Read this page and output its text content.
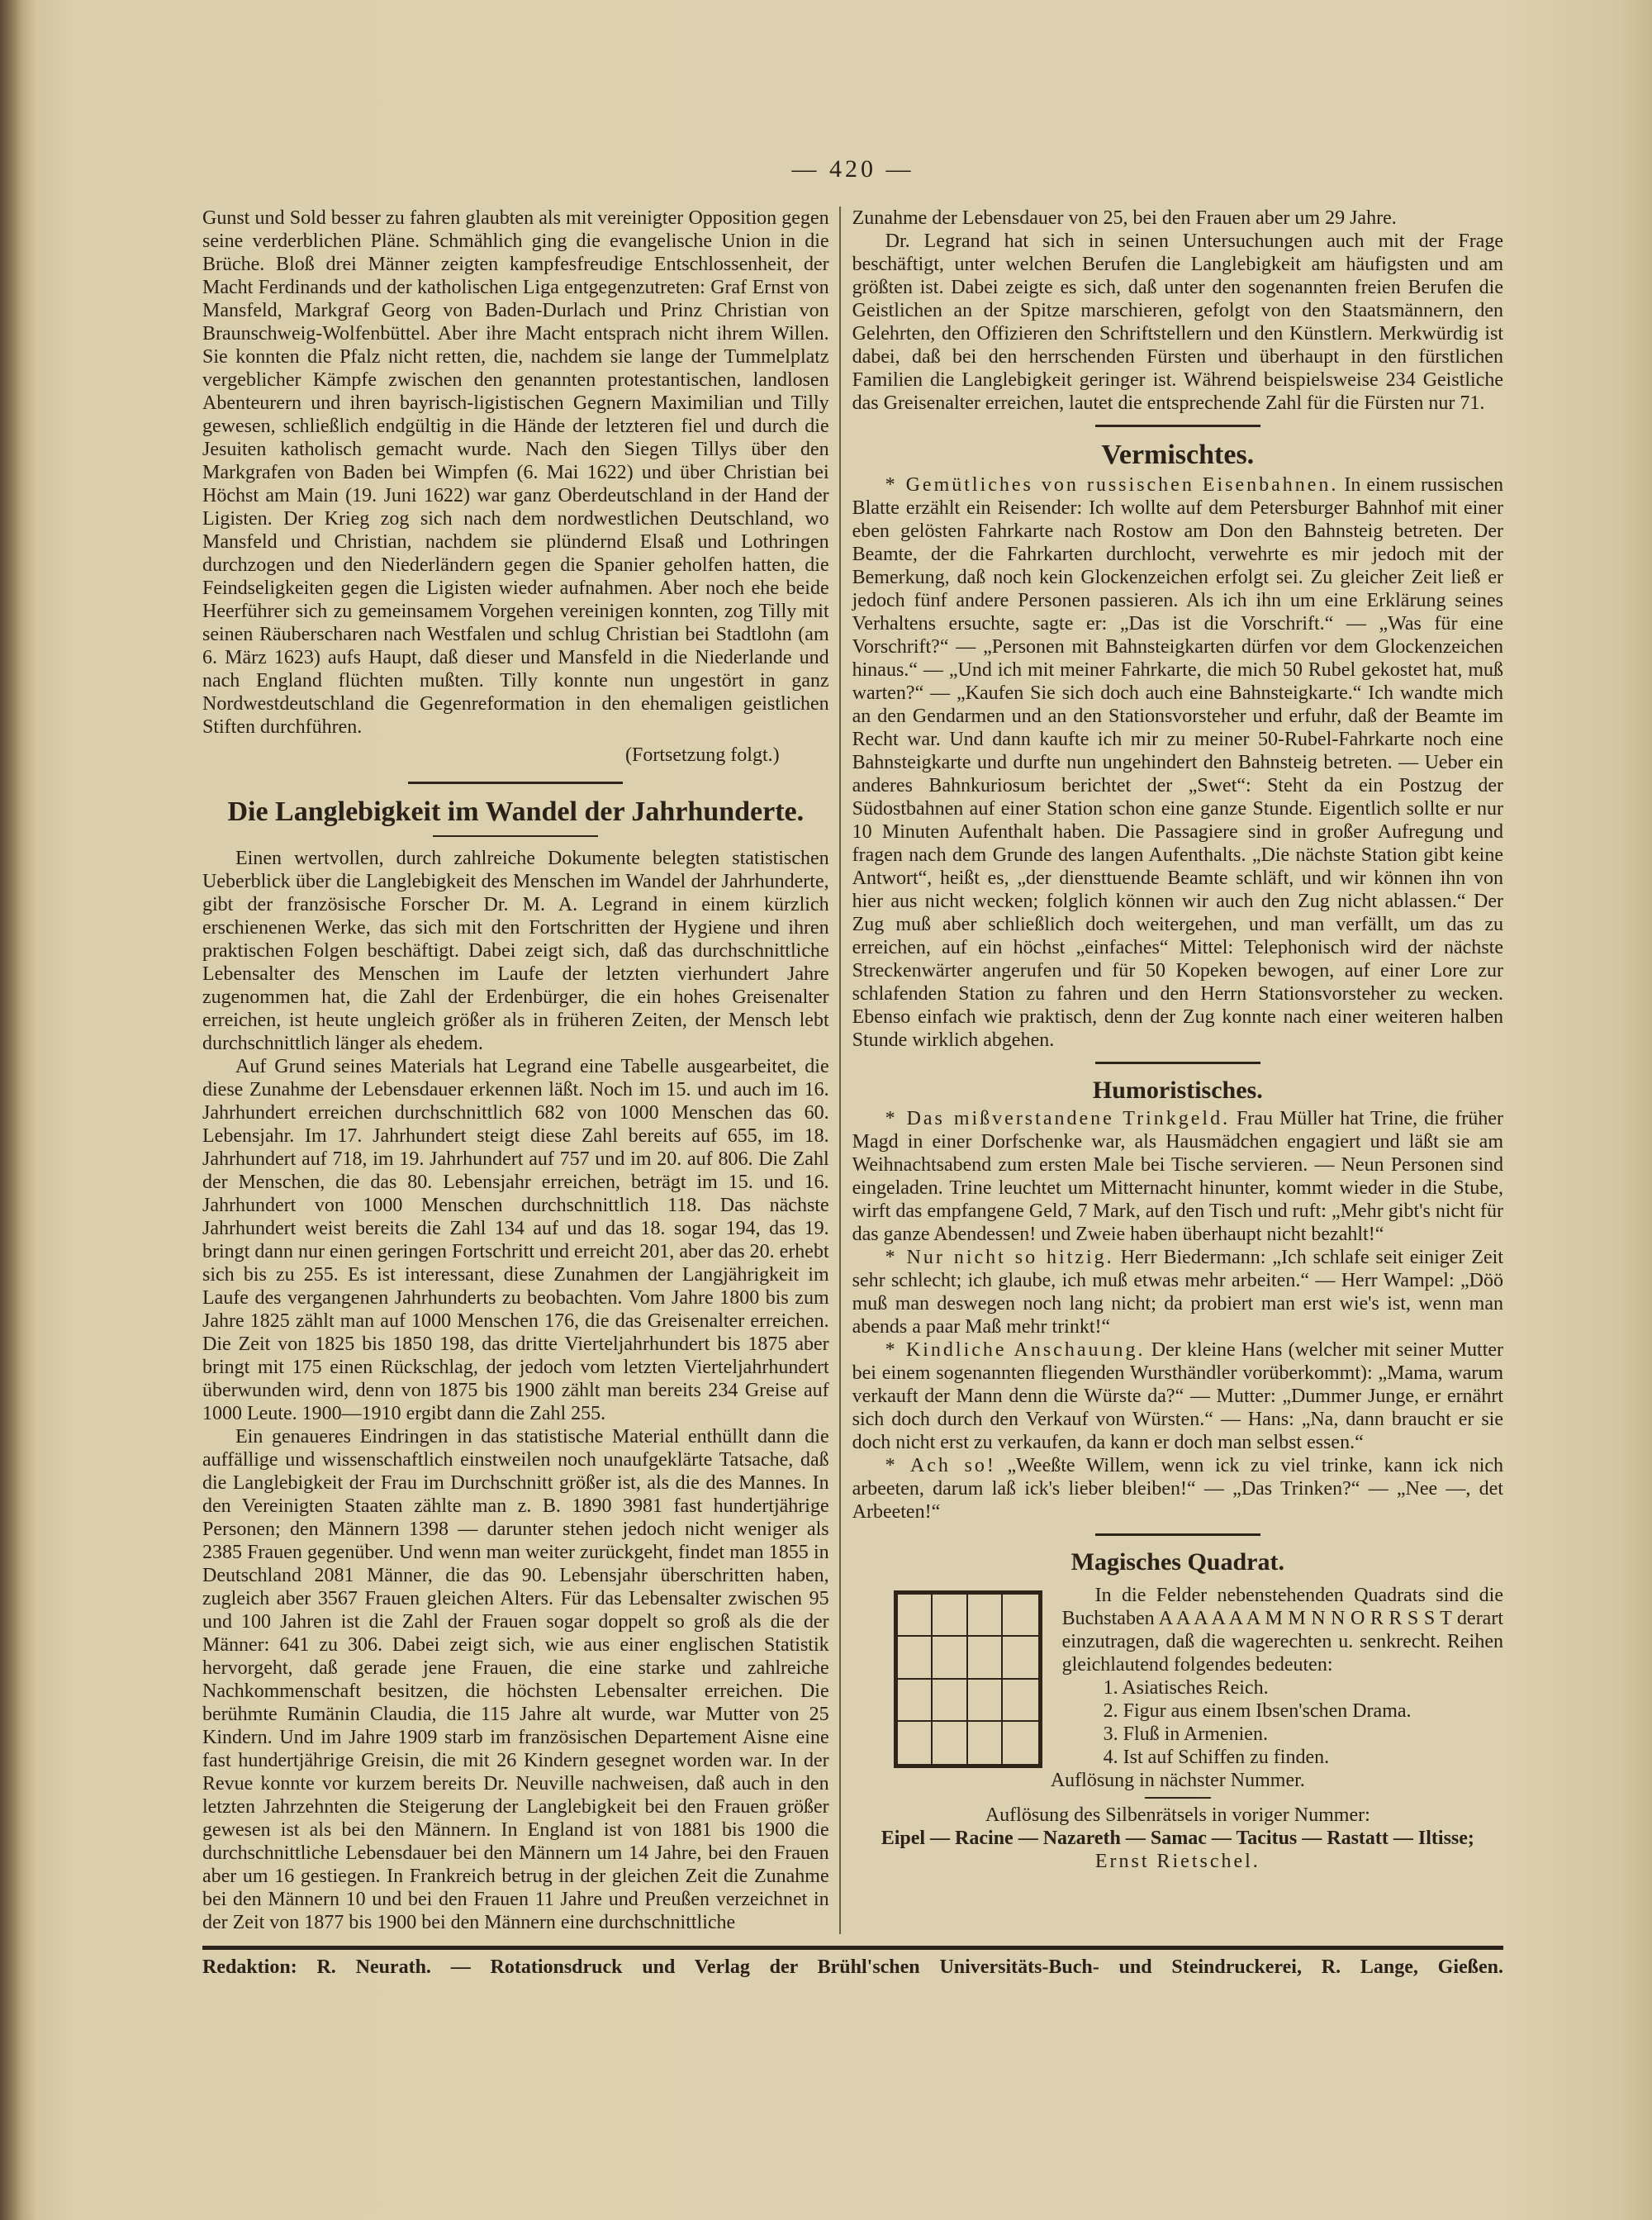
— 420 —

Gunst und Sold besser zu fahren glaubten als mit vereinigter Opposition gegen seine verderblichen Pläne. Schmählich ging die evangelische Union in die Brüche. Bloß drei Männer zeigten kampfesfreudige Entschlossenheit, der Macht Ferdinands und der katholischen Liga entgegenzutreten: Graf Ernst von Mansfeld, Markgraf Georg von Baden-Durlach und Prinz Christian von Braunschweig-Wolfenbüttel. Aber ihre Macht entsprach nicht ihrem Willen. Sie konnten die Pfalz nicht retten, die, nachdem sie lange der Tummelplatz vergeblicher Kämpfe zwischen den genannten protestantischen, landlosen Abenteurern und ihren bayrisch-ligistischen Gegnern Maximilian und Tilly gewesen, schließlich endgültig in die Hände der letzteren fiel und durch die Jesuiten katholisch gemacht wurde. Nach den Siegen Tillys über den Markgrafen von Baden bei Wimpfen (6. Mai 1622) und über Christian bei Höchst am Main (19. Juni 1622) war ganz Oberdeutschland in der Hand der Ligisten. Der Krieg zog sich nach dem nordwestlichen Deutschland, wo Mansfeld und Christian, nachdem sie plündernd Elsaß und Lothringen durchzogen und den Niederländern gegen die Spanier geholfen hatten, die Feindseligkeiten gegen die Ligisten wieder aufnahmen. Aber noch ehe beide Heerführer sich zu gemeinsamem Vorgehen vereinigen konnten, zog Tilly mit seinen Räuberscharen nach Westfalen und schlug Christian bei Stadtlohn (am 6. März 1623) aufs Haupt, daß dieser und Mansfeld in die Niederlande und nach England flüchten mußten. Tilly konnte nun ungestört in ganz Nordwestdeutschland die Gegenreformation in den ehemaligen geistlichen Stiften durchführen.

(Fortsetzung folgt.)

Die Langlebigkeit im Wandel der Jahrhunderte.

Einen wertvollen, durch zahlreiche Dokumente belegten statistischen Ueberblick über die Langlebigkeit des Menschen im Wandel der Jahrhunderte, gibt der französische Forscher Dr. M. A. Legrand in einem kürzlich erschienenen Werke, das sich mit den Fortschritten der Hygiene und ihren praktischen Folgen beschäftigt. Dabei zeigt sich, daß das durchschnittliche Lebensalter des Menschen im Laufe der letzten vierhundert Jahre zugenommen hat, die Zahl der Erdenbürger, die ein hohes Greisenalter erreichen, ist heute ungleich größer als in früheren Zeiten, der Mensch lebt durchschnittlich länger als ehedem.

Auf Grund seines Materials hat Legrand eine Tabelle ausgearbeitet, die diese Zunahme der Lebensdauer erkennen läßt. Noch im 15. und auch im 16. Jahrhundert erreichen durchschnittlich 682 von 1000 Menschen das 60. Lebensjahr. Im 17. Jahrhundert steigt diese Zahl bereits auf 655, im 18. Jahrhundert auf 718, im 19. Jahrhundert auf 757 und im 20. auf 806. Die Zahl der Menschen, die das 80. Lebensjahr erreichen, beträgt im 15. und 16. Jahrhundert von 1000 Menschen durchschnittlich 118. Das nächste Jahrhundert weist bereits die Zahl 134 auf und das 18. sogar 194, das 19. bringt dann nur einen geringen Fortschritt und erreicht 201, aber das 20. erhebt sich bis zu 255. Es ist interessant, diese Zunahmen der Langjährigkeit im Laufe des vergangenen Jahrhunderts zu beobachten. Vom Jahre 1800 bis zum Jahre 1825 zählt man auf 1000 Menschen 176, die das Greisenalter erreichen. Die Zeit von 1825 bis 1850 198, das dritte Vierteljahrhundert bis 1875 aber bringt mit 175 einen Rückschlag, der jedoch vom letzten Vierteljahrhundert überwunden wird, denn von 1875 bis 1900 zählt man bereits 234 Greise auf 1000 Leute. 1900—1910 ergibt dann die Zahl 255.

Ein genaueres Eindringen in das statistische Material enthüllt dann die auffällige und wissenschaftlich einstweilen noch unaufgeklärte Tatsache, daß die Langlebigkeit der Frau im Durchschnitt größer ist, als die des Mannes. In den Vereinigten Staaten zählte man z. B. 1890 3981 fast hundertjährige Personen; den Männern 1398 — darunter stehen jedoch nicht weniger als 2385 Frauen gegenüber. Und wenn man weiter zurückgeht, findet man 1855 in Deutschland 2081 Männer, die das 90. Lebensjahr überschritten haben, zugleich aber 3567 Frauen gleichen Alters. Für das Lebensalter zwischen 95 und 100 Jahren ist die Zahl der Frauen sogar doppelt so groß als die der Männer: 641 zu 306. Dabei zeigt sich, wie aus einer englischen Statistik hervorgeht, daß gerade jene Frauen, die eine starke und zahlreiche Nachkommenschaft besitzen, die höchsten Lebensalter erreichen. Die berühmte Rumänin Claudia, die 115 Jahre alt wurde, war Mutter von 25 Kindern. Und im Jahre 1909 starb im französischen Departement Aisne eine fast hundertjährige Greisin, die mit 26 Kindern gesegnet worden war. In der Revue konnte vor kurzem bereits Dr. Neuville nachweisen, daß auch in den letzten Jahrzehnten die Steigerung der Langlebigkeit bei den Frauen größer gewesen ist als bei den Männern. In England ist von 1881 bis 1900 die durchschnittliche Lebensdauer bei den Männern um 14 Jahre, bei den Frauen aber um 16 gestiegen. In Frankreich betrug in der gleichen Zeit die Zunahme bei den Männern 10 und bei den Frauen 11 Jahre und Preußen verzeichnet in der Zeit von 1877 bis 1900 bei den Männern eine durchschnittliche

Zunahme der Lebensdauer von 25, bei den Frauen aber um 29 Jahre.

Dr. Legrand hat sich in seinen Untersuchungen auch mit der Frage beschäftigt, unter welchen Berufen die Langlebigkeit am häufigsten und am größten ist. Dabei zeigte es sich, daß unter den sogenannten freien Berufen die Geistlichen an der Spitze marschieren, gefolgt von den Staatsmännern, den Gelehrten, den Offizieren den Schriftstellern und den Künstlern. Merkwürdig ist dabei, daß bei den herrschenden Fürsten und überhaupt in den fürstlichen Familien die Langlebigkeit geringer ist. Während beispielsweise 234 Geistliche das Greisenalter erreichen, lautet die entsprechende Zahl für die Fürsten nur 71.

Vermischtes.

* Gemütliches von russischen Eisenbahnen. In einem russischen Blatte erzählt ein Reisender: Ich wollte auf dem Petersburger Bahnhof mit einer eben gelösten Fahrkarte nach Rostow am Don den Bahnsteig betreten. Der Beamte, der die Fahrkarten durchlocht, verwehrte es mir jedoch mit der Bemerkung, daß noch kein Glockenzeichen erfolgt sei. Zu gleicher Zeit ließ er jedoch fünf andere Personen passieren. Als ich ihn um eine Erklärung seines Verhaltens ersuchte, sagte er: „Das ist die Vorschrift.“ — „Was für eine Vorschrift?“ — „Personen mit Bahnsteigkarten dürfen vor dem Glockenzeichen hinaus.“ — „Und ich mit meiner Fahrkarte, die mich 50 Rubel gekostet hat, muß warten?“ — „Kaufen Sie sich doch auch eine Bahnsteigkarte.“ Ich wandte mich an den Gendarmen und an den Stationsvorsteher und erfuhr, daß der Beamte im Recht war. Und dann kaufte ich mir zu meiner 50-Rubel-Fahrkarte noch eine Bahnsteigkarte und durfte nun ungehindert den Bahnsteig betreten. — Ueber ein anderes Bahnkuriosum berichtet der „Swet“: Steht da ein Postzug der Südostbahnen auf einer Station schon eine ganze Stunde. Eigentlich sollte er nur 10 Minuten Aufenthalt haben. Die Passagiere sind in großer Aufregung und fragen nach dem Grunde des langen Aufenthalts. „Die nächste Station gibt keine Antwort“, heißt es, „der diensttuende Beamte schläft, und wir können ihn von hier aus nicht wecken; folglich können wir auch den Zug nicht ablassen.“ Der Zug muß aber schließlich doch weitergehen, und man verfällt, um das zu erreichen, auf ein höchst „einfaches“ Mittel: Telephonisch wird der nächste Streckenwärter angerufen und für 50 Kopeken bewogen, auf einer Lore zur schlafenden Station zu fahren und den Herrn Stationsvorsteher zu wecken. Ebenso einfach wie praktisch, denn der Zug konnte nach einer weiteren halben Stunde wirklich abgehen.

Humoristisches.

* Das mißverstandene Trinkgeld. Frau Müller hat Trine, die früher Magd in einer Dorfschenke war, als Hausmädchen engagiert und läßt sie am Weihnachtsabend zum ersten Male bei Tische servieren. — Neun Personen sind eingeladen. Trine leuchtet um Mitternacht hinunter, kommt wieder in die Stube, wirft das empfangene Geld, 7 Mark, auf den Tisch und ruft: „Mehr gibt's nicht für das ganze Abendessen! und Zweie haben überhaupt nicht bezahlt!“

* Nur nicht so hitzig. Herr Biedermann: „Ich schlafe seit einiger Zeit sehr schlecht; ich glaube, ich muß etwas mehr arbeiten.“ — Herr Wampel: „Döö muß man deswegen noch lang nicht; da probiert man erst wie's ist, wenn man abends a paar Maß mehr trinkt!“

* Kindliche Anschauung. Der kleine Hans (welcher mit seiner Mutter bei einem sogenannten fliegenden Wursthändler vorüberkommt): „Mama, warum verkauft der Mann denn die Würste da?“ — Mutter: „Dummer Junge, er ernährt sich doch durch den Verkauf von Würsten.“ — Hans: „Na, dann braucht er sie doch nicht erst zu verkaufen, da kann er doch man selbst essen.“

* Ach so! „Weeßte Willem, wenn ick zu viel trinke, kann ick nich arbeeten, darum laß ick's lieber bleiben!“ — „Das Trinken?“ — „Nee —, det Arbeeten!“

Magisches Quadrat.
In die Felder nebenstehenden Quadrats sind die Buchstaben A A A A A A M M N N O R R S S T derart einzutragen, daß die wagerechten u. senkrecht. Reihen gleichlautend folgendes bedeuten:
1. Asiatisches Reich.
2. Figur aus einem Ibsen'schen Drama.
3. Fluß in Armenien.
4. Ist auf Schiffen zu finden.
Auflösung in nächster Nummer.
Auflösung des Silbenrätsels in voriger Nummer:
Eipel — Racine — Nazareth — Samac — Tacitus — Rastatt — Iltisse;
Ernst Rietschel.
Redaktion: R. Neurath. — Rotationsdruck und Verlag der Brühl'schen Universitäts-Buch- und Steindruckerei, R. Lange, Gießen.
